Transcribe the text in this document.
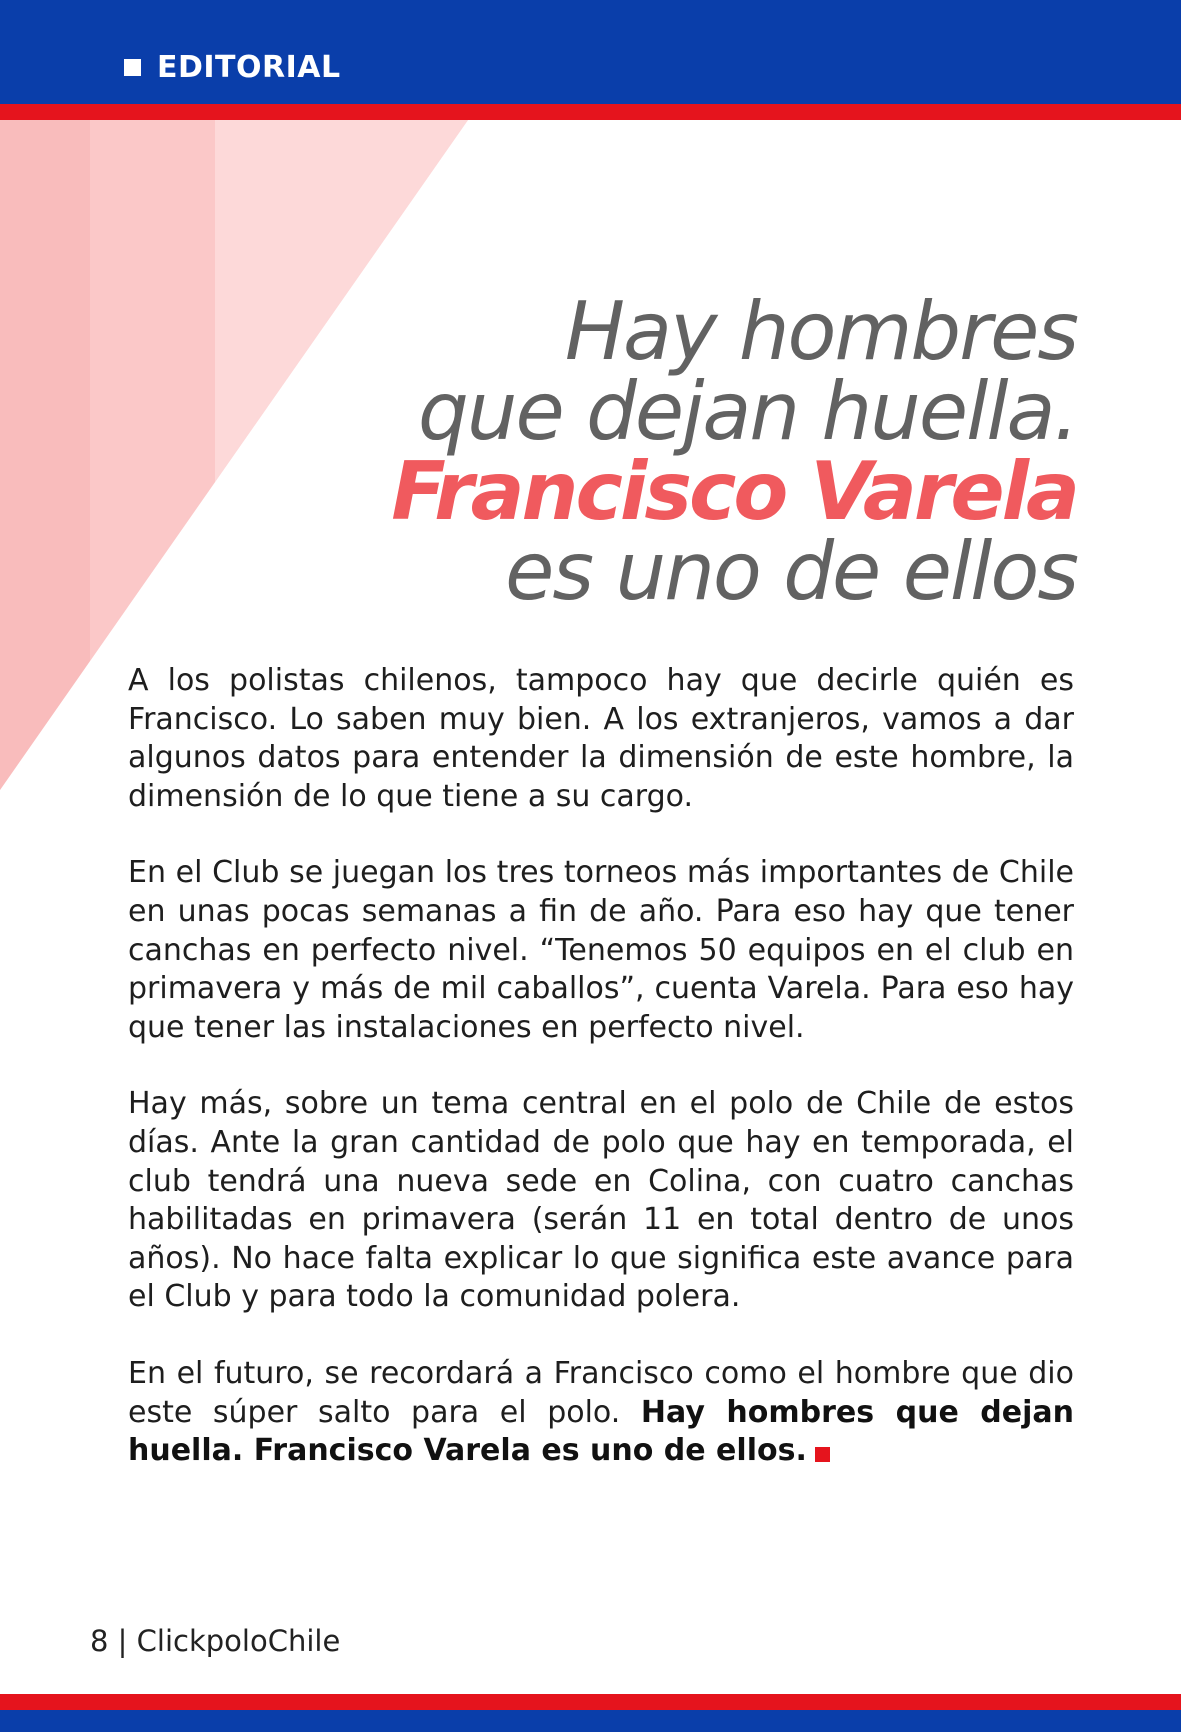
EDITORIAL
Hay hombres
que dejan huella.
Francisco Varela
es uno de ellos

A los polistas chilenos, tampoco hay que decirle quién es Francisco. Lo saben muy bien. A los extranjeros, vamos a dar algunos datos para entender la dimensión de este hombre, la dimensión de lo que tiene a su cargo.

En el Club se juegan los tres torneos más importantes de Chile en unas pocas semanas a fin de año. Para eso hay que tener canchas en perfecto nivel. “Tenemos 50 equipos en el club en primavera y más de mil caballos”, cuenta Varela. Para eso hay que tener las instalaciones en perfecto nivel.

Hay más, sobre un tema central en el polo de Chile de estos días. Ante la gran cantidad de polo que hay en temporada, el club tendrá una nueva sede en Colina, con cuatro canchas habilitadas en primavera (serán 11 en total dentro de unos años). No hace falta explicar lo que significa este avance para el Club y para todo la comunidad polera.

En el futuro, se recordará a Francisco como el hombre que dio este súper salto para el polo. Hay hombres que dejan huella. Francisco Varela es uno de ellos.

8 | ClickpoloChile
